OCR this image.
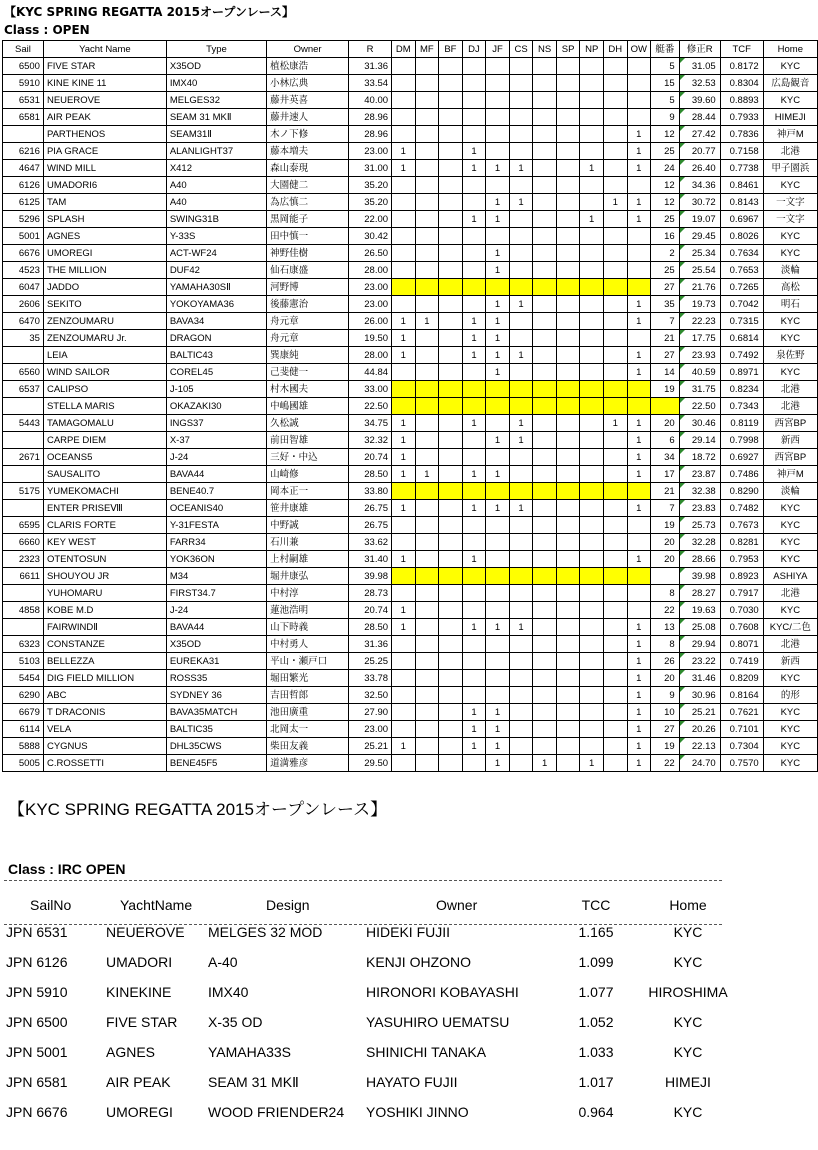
【KYC SPRING REGATTA 2015オープンレース】
Class : OPEN
Sail	Yacht Name	Type	Owner	R	DM	MF	BF	DJ	JF	CS	NS	SP	NP	DH	OW	艇番	修正R	TCF	Home
6500	FIVE STAR	X35OD	植松康浩	31.36												5	31.05	0.8172	KYC
5910	KINE KINE 11	IMX40	小林広典	33.54												15	32.53	0.8304	広島観音
6531	NEUEROVE	MELGES32	藤井英喜	40.00												5	39.60	0.8893	KYC
6581	AIR PEAK	SEAM 31 MKⅡ	藤井速人	28.96												9	28.44	0.7933	HIMEJI
	PARTHENOS	SEAM31Ⅱ	木ノ下修	28.96											1	12	27.42	0.7836	神戸M
6216	PIA GRACE	ALANLIGHT37	藤本増夫	23.00	1			1							1	25	20.77	0.7158	北港
4647	WIND MILL	X412	森山泰現	31.00	1			1	1	1			1		1	24	26.40	0.7738	甲子園浜
6126	UMADORI6	A40	大園健二	35.20												12	34.36	0.8461	KYC
6125	TAM	A40	為広慎二	35.20					1	1				1	1	12	30.72	0.8143	一文字
5296	SPLASH	SWING31B	黒岡能子	22.00				1	1				1		1	25	19.07	0.6967	一文字
5001	AGNES	Y-33S	田中慎一	30.42												16	29.45	0.8026	KYC
6676	UMOREGI	ACT-WF24	神野佳樹	26.50					1							2	25.34	0.7634	KYC
4523	THE MILLION	DUF42	仙石康盛	28.00					1							25	25.54	0.7653	淡輪
6047	JADDO	YAMAHA30SⅡ	河野博	23.00												27	21.76	0.7265	高松
2606	SEKITO	YOKOYAMA36	後藤憲治	23.00					1	1					1	35	19.73	0.7042	明石
6470	ZENZOUMARU	BAVA34	舟元章	26.00	1	1		1	1						1	7	22.23	0.7315	KYC
35	ZENZOUMARU Jr.	DRAGON	舟元章	19.50	1			1	1							21	17.75	0.6814	KYC
	LEIA	BALTIC43	巽康純	28.00	1			1	1	1					1	27	23.93	0.7492	泉佐野
6560	WIND SAILOR	COREL45	己斐健一	44.84					1						1	14	40.59	0.8971	KYC
6537	CALIPSO	J-105	村木國夫	33.00												19	31.75	0.8234	北港
	STELLA MARIS	OKAZAKI30	中嶋國雄	22.50													22.50	0.7343	北港
5443	TAMAGOMALU	INGS37	久松誠	34.75	1			1		1				1	1	20	30.46	0.8119	西宮BP
	CARPE DIEM	X-37	前田智雄	32.32	1				1	1					1	6	29.14	0.7998	新西
2671	OCEANS5	J-24	三好・中込	20.74	1										1	34	18.72	0.6927	西宮BP
	SAUSALITO	BAVA44	山崎修	28.50	1	1		1	1						1	17	23.87	0.7486	神戸M
5175	YUMEKOMACHI	BENE40.7	岡本正一	33.80												21	32.38	0.8290	淡輪
	ENTER PRISEⅧ	OCEANIS40	笹井康雄	26.75	1			1	1	1					1	7	23.83	0.7482	KYC
6595	CLARIS FORTE	Y-31FESTA	中野誠	26.75												19	25.73	0.7673	KYC
6660	KEY WEST	FARR34	石川兼	33.62												20	32.28	0.8281	KYC
2323	OTENTOSUN	YOK36ON	上村嗣雄	31.40	1			1							1	20	28.66	0.7953	KYC
6611	SHOUYOU JR	M34	堀井康弘	39.98													39.98	0.8923	ASHIYA
	YUHOMARU	FIRST34.7	中村淳	28.73												8	28.27	0.7917	北港
4858	KOBE M.D	J-24	蓮池浩明	20.74	1											22	19.63	0.7030	KYC
	FAIRWINDⅡ	BAVA44	山下時義	28.50	1			1	1	1					1	13	25.08	0.7608	KYC/二色
6323	CONSTANZE	X35OD	中村勇人	31.36											1	8	29.94	0.8071	北港
5103	BELLEZZA	EUREKA31	平山・瀬戸口	25.25											1	26	23.22	0.7419	新西
5454	DIG FIELD MILLION	ROSS35	堀田繁光	33.78											1	20	31.46	0.8209	KYC
6290	ABC	SYDNEY 36	吉田哲郎	32.50											1	9	30.96	0.8164	的形
6679	T DRACONIS	BAVA35MATCH	池田廣重	27.90				1	1						1	10	25.21	0.7621	KYC
6114	VELA	BALTIC35	北岡太一	23.00				1	1						1	27	20.26	0.7101	KYC
5888	CYGNUS	DHL35CWS	柴田友義	25.21	1			1	1						1	19	22.13	0.7304	KYC
5005	C.ROSSETTI	BENE45F5	道満雅彦	29.50					1		1		1		1	22	24.70	0.7570	KYC
【KYC SPRING REGATTA 2015オープンレース】
Class : IRC OPEN
SailNo	YachtName	Design	Owner	TCC	Home
JPN 6531	NEUEROVE	MELGES 32 MOD	HIDEKI FUJII	1.165	KYC
JPN 6126	UMADORI	A-40	KENJI OHZONO	1.099	KYC
JPN 5910	KINEKINE	IMX40	HIRONORI KOBAYASHI	1.077	HIROSHIMA
JPN 6500	FIVE STAR	X-35 OD	YASUHIRO UEMATSU	1.052	KYC
JPN 5001	AGNES	YAMAHA33S	SHINICHI TANAKA	1.033	KYC
JPN 6581	AIR PEAK	SEAM 31 MKⅡ	HAYATO FUJII	1.017	HIMEJI
JPN 6676	UMOREGI	WOOD FRIENDER24	YOSHIKI JINNO	0.964	KYC
